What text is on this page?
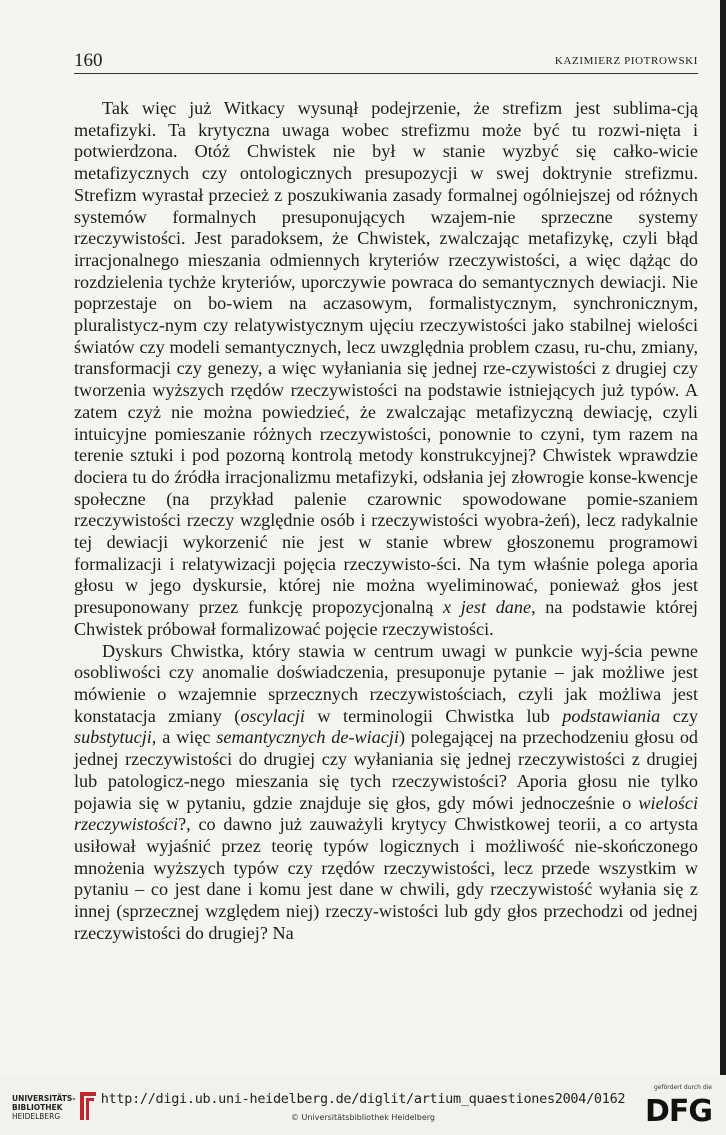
160	KAZIMIERZ PIOTROWSKI

Tak więc już Witkacy wysunął podejrzenie, że strefizm jest sublima-cją metafizyki. Ta krytyczna uwaga wobec strefizmu może być tu rozwi-nięta i potwierdzona. Otóż Chwistek nie był w stanie wyzbyć się całko-wicie metafizycznych czy ontologicznych presupozycji w swej doktrynie strefizmu. Strefizm wyrastał przecież z poszukiwania zasady formalnej ogólniejszej od różnych systemów formalnych presuponujących wzajem-nie sprzeczne systemy rzeczywistości. Jest paradoksem, że Chwistek, zwalczając metafizykę, czyli błąd irracjonalnego mieszania odmiennych kryteriów rzeczywistości, a więc dążąc do rozdzielenia tychże kryteriów, uporczywie powraca do semantycznych dewiacji. Nie poprzestaje on bo-wiem na aczasowym, formalistycznym, synchronicznym, pluralistycz-nym czy relatywistycznym ujęciu rzeczywistości jako stabilnej wielości światów czy modeli semantycznych, lecz uwzględnia problem czasu, ru-chu, zmiany, transformacji czy genezy, a więc wyłaniania się jednej rze-czywistości z drugiej czy tworzenia wyższych rzędów rzeczywistości na podstawie istniejących już typów. A zatem czyż nie można powiedzieć, że zwalczając metafizyczną dewiację, czyli intuicyjne pomieszanie różnych rzeczywistości, ponownie to czyni, tym razem na terenie sztuki i pod pozorną kontrolą metody konstrukcyjnej? Chwistek wprawdzie dociera tu do źródła irracjonalizmu metafizyki, odsłania jej złowrogie konse-kwencje społeczne (na przykład palenie czarownic spowodowane pomie-szaniem rzeczywistości rzeczy względnie osób i rzeczywistości wyobra-żeń), lecz radykalnie tej dewiacji wykorzenić nie jest w stanie wbrew głoszonemu programowi formalizacji i relatywizacji pojęcia rzeczywisto-ści. Na tym właśnie polega aporia głosu w jego dyskursie, której nie można wyeliminować, ponieważ głos jest presuponowany przez funkcję propozycjonalną x jest dane, na podstawie której Chwistek próbował formalizować pojęcie rzeczywistości.

Dyskurs Chwistka, który stawia w centrum uwagi w punkcie wyj-ścia pewne osobliwości czy anomalie doświadczenia, presuponuje pytanie – jak możliwe jest mówienie o wzajemnie sprzecznych rzeczywistościach, czyli jak możliwa jest konstatacja zmiany (oscylacji w terminologii Chwistka lub podstawiania czy substytucji, a więc semantycznych de-wiacji) polegającej na przechodzeniu głosu od jednej rzeczywistości do drugiej czy wyłaniania się jednej rzeczywistości z drugiej lub patologicz-nego mieszania się tych rzeczywistości? Aporia głosu nie tylko pojawia się w pytaniu, gdzie znajduje się głos, gdy mówi jednocześnie o wielości rzeczywistości?, co dawno już zauważyli krytycy Chwistkowej teorii, a co artysta usiłował wyjaśnić przez teorię typów logicznych i możliwość nie-skończonego mnożenia wyższych typów czy rzędów rzeczywistości, lecz przede wszystkim w pytaniu – co jest dane i komu jest dane w chwili, gdy rzeczywistość wyłania się z innej (sprzecznej względem niej) rzeczy-wistości lub gdy głos przechodzi od jednej rzeczywistości do drugiej? Na

UNIVERSITÄTS-
BIBLIOTHEK
HEIDELBERG
http://digi.ub.uni-heidelberg.de/diglit/artium_quaestiones2004/0162
© Universitätsbibliothek Heidelberg
gefördert durch die
DFG
